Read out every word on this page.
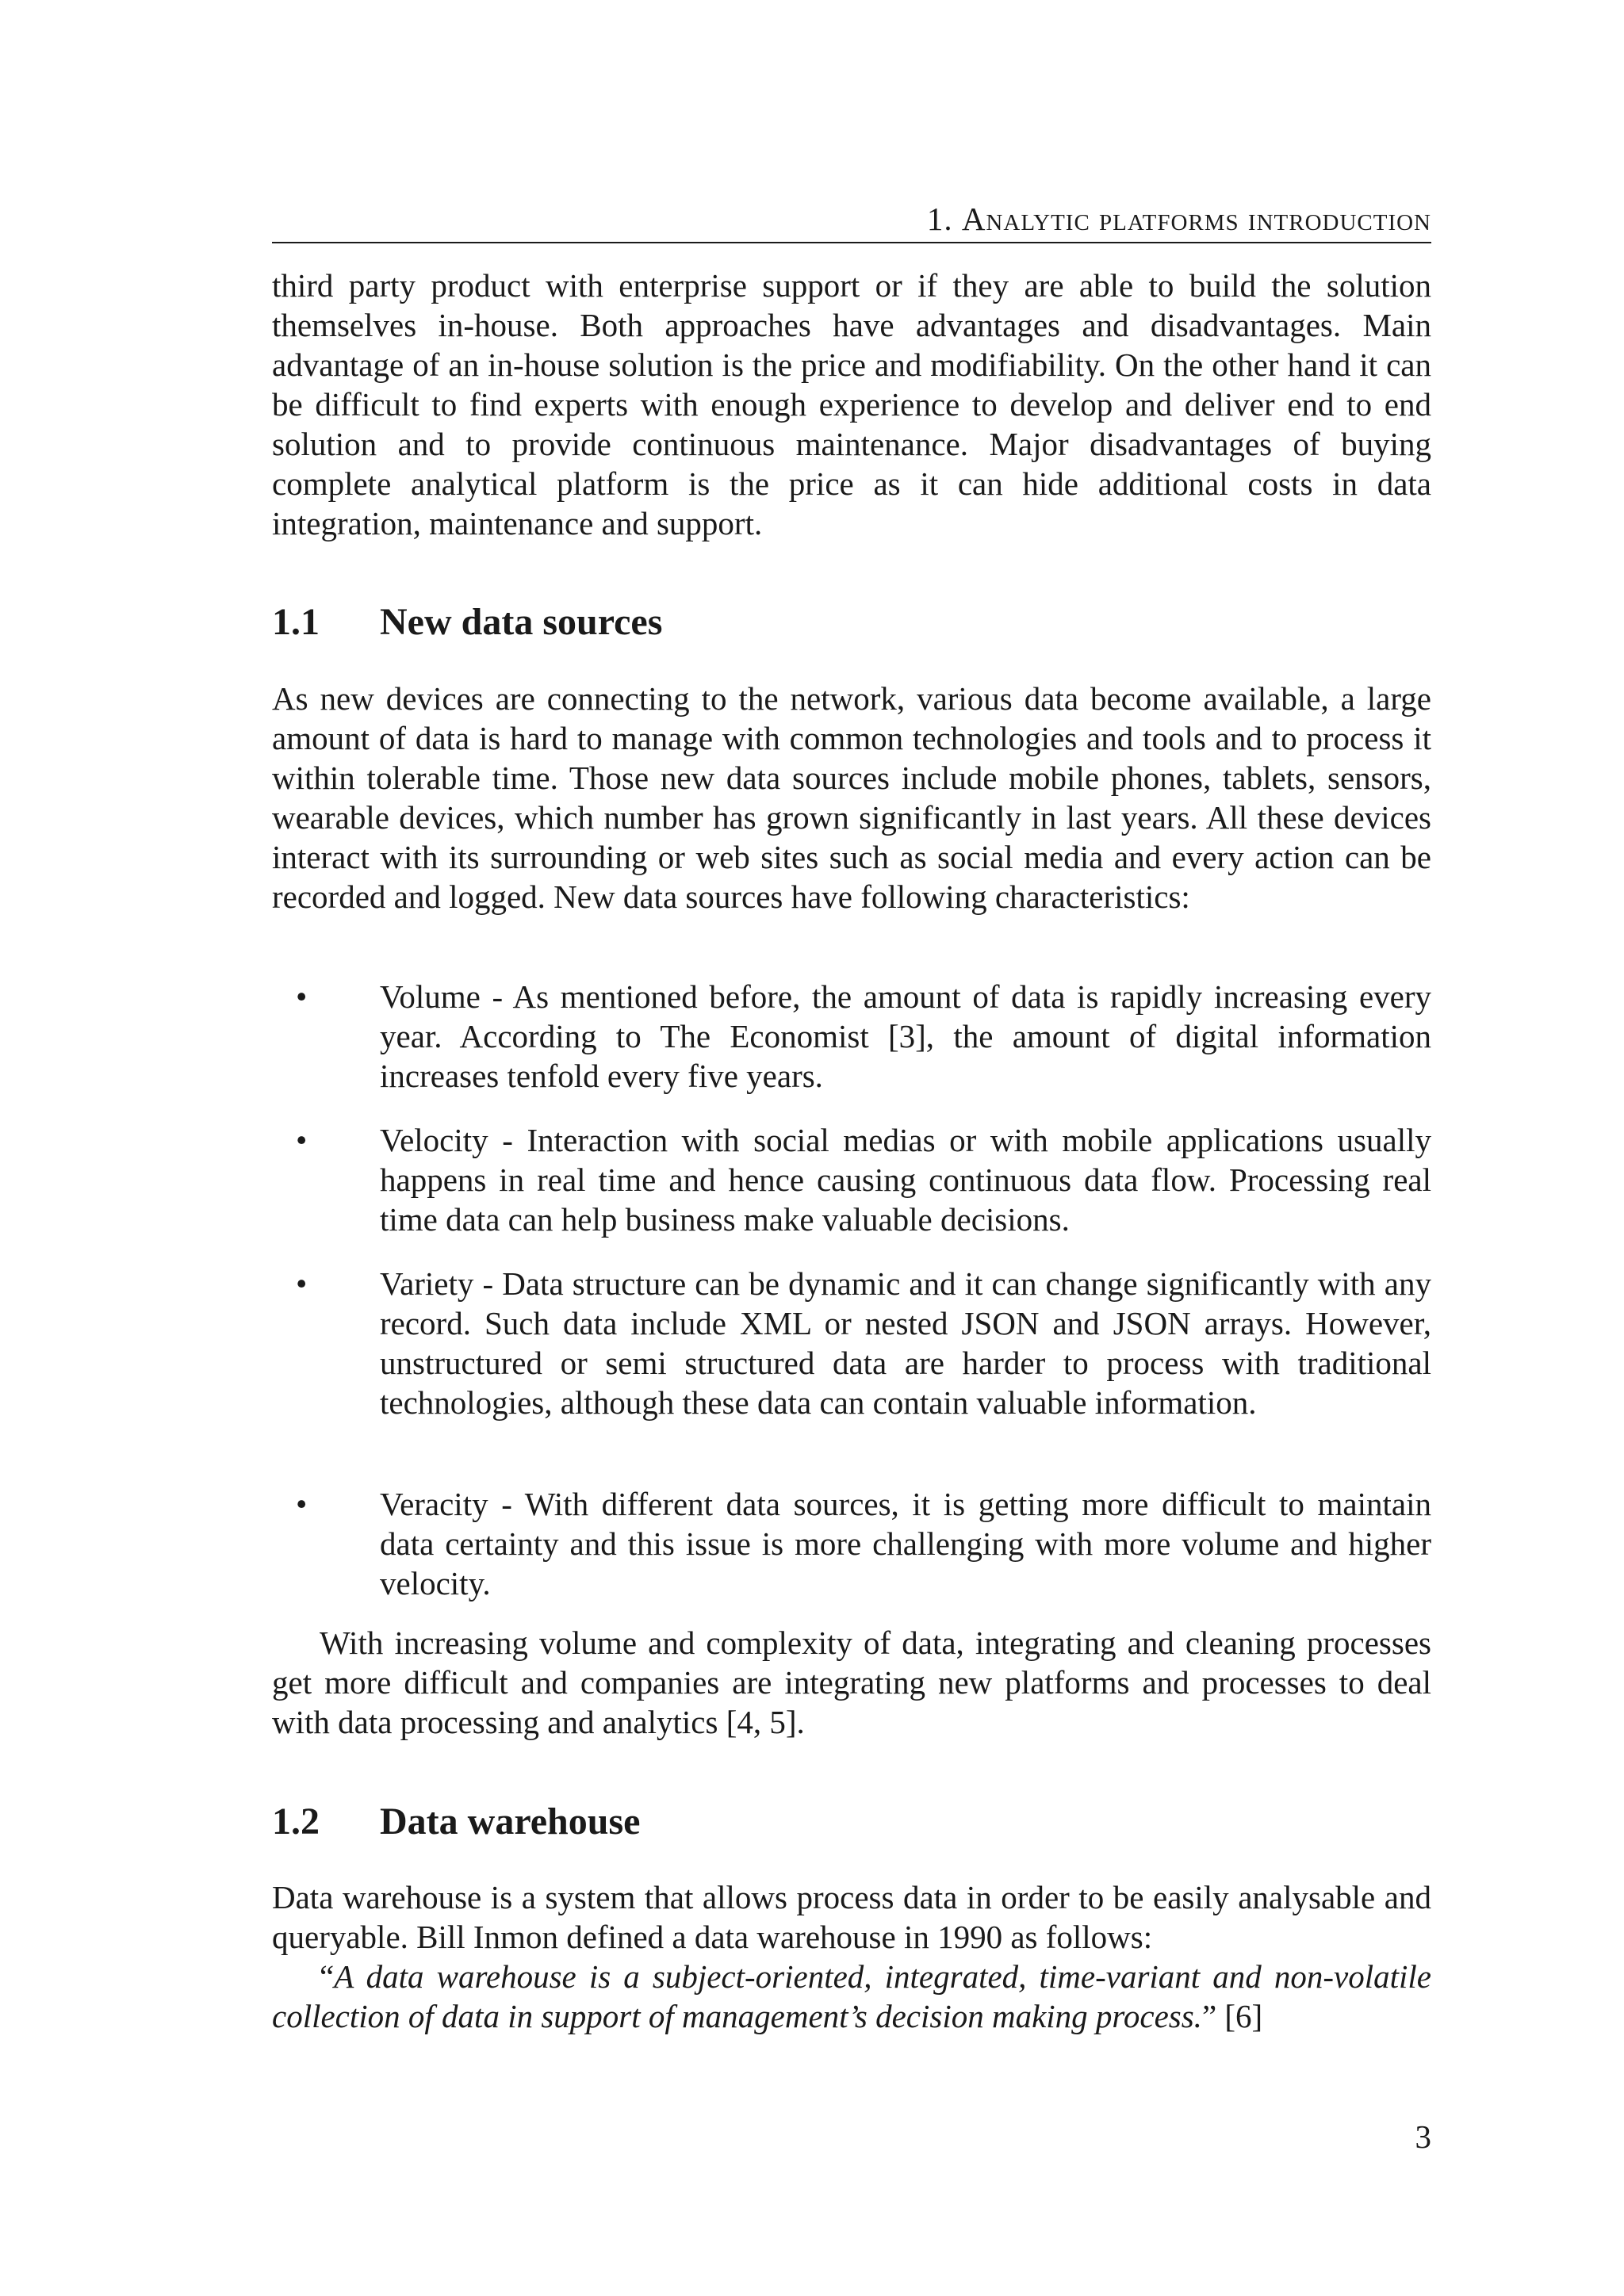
1. Analytic platforms introduction

third party product with enterprise support or if they are able to build the solution themselves in-house. Both approaches have advantages and disadvantages. Main advantage of an in-house solution is the price and modifiability. On the other hand it can be difficult to find experts with enough experience to develop and deliver end to end solution and to provide continuous maintenance. Major disadvantages of buying complete analytical platform is the price as it can hide additional costs in data integration, maintenance and support.

1.1 New data sources

As new devices are connecting to the network, various data become available, a large amount of data is hard to manage with common technologies and tools and to process it within tolerable time. Those new data sources include mobile phones, tablets, sensors, wearable devices, which number has grown significantly in last years. All these devices interact with its surrounding or web sites such as social media and every action can be recorded and logged. New data sources have following characteristics:

• Volume - As mentioned before, the amount of data is rapidly increasing every year. According to The Economist [3], the amount of digital information increases tenfold every five years.

• Velocity - Interaction with social medias or with mobile applications usually happens in real time and hence causing continuous data flow. Processing real time data can help business make valuable decisions.

• Variety - Data structure can be dynamic and it can change significantly with any record. Such data include XML or nested JSON and JSON arrays. However, unstructured or semi structured data are harder to process with traditional technologies, although these data can contain valuable information.

• Veracity - With different data sources, it is getting more difficult to maintain data certainty and this issue is more challenging with more volume and higher velocity.

With increasing volume and complexity of data, integrating and cleaning processes get more difficult and companies are integrating new platforms and processes to deal with data processing and analytics [4, 5].

1.2 Data warehouse

Data warehouse is a system that allows process data in order to be easily analysable and queryable. Bill Inmon defined a data warehouse in 1990 as follows:

“A data warehouse is a subject-oriented, integrated, time-variant and non-volatile collection of data in support of management’s decision making process.” [6]

3
